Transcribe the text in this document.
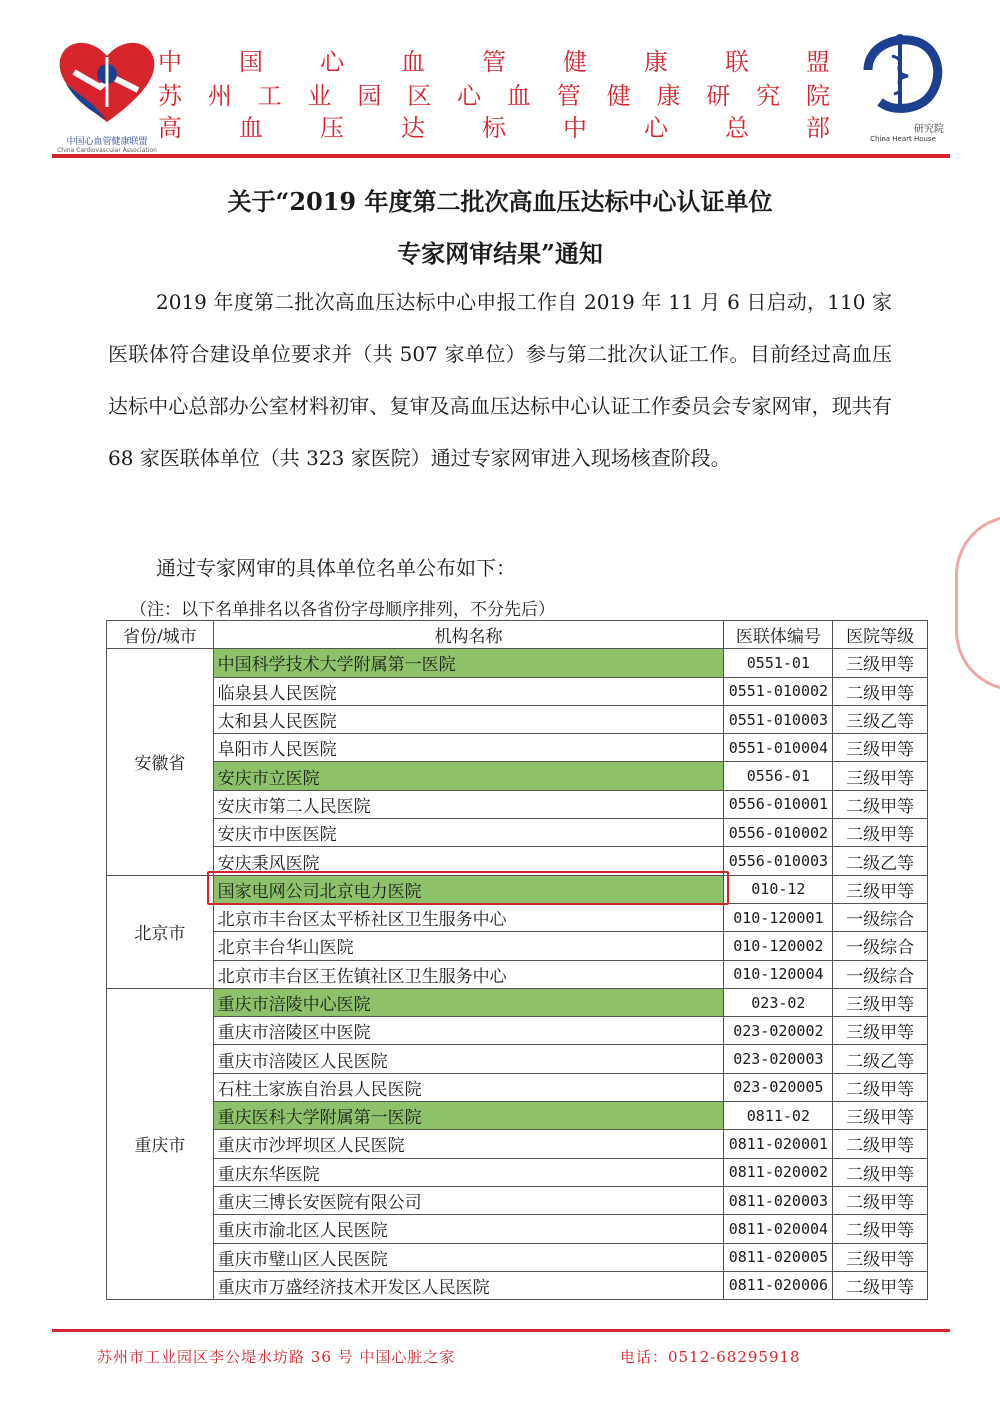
中国心血管健康联盟
China Cardiovascular Association
研究院
China Heart House
中 国 心 血 管 健 康 联 盟
苏 州 工 业 园 区 心 血 管 健 康 研 究 院
高 血 压 达 标 中 心 总 部
关于“2019 年度第二批次高血压达标中心认证单位
专家网审结果”通知
2019 年度第二批次高血压达标中心申报工作自 2019 年 11 月 6 日启动，110 家医联体符合建设单位要求并（共 507 家单位）参与第二批次认证工作。目前经过高血压达标中心总部办公室材料初审、复审及高血压达标中心认证工作委员会专家网审，现共有 68 家医联体单位（共 323 家医院）通过专家网审进入现场核查阶段。
通过专家网审的具体单位名单公布如下：
（注：以下名单排名以各省份字母顺序排列，不分先后）
省份/城市	机构名称	医联体编号	医院等级
安徽省	中国科学技术大学附属第一医院	0551-01	三级甲等
	临泉县人民医院	0551-010002	二级甲等
	太和县人民医院	0551-010003	三级乙等
	阜阳市人民医院	0551-010004	三级甲等
	安庆市立医院	0556-01	三级甲等
	安庆市第二人民医院	0556-010001	二级甲等
	安庆市中医医院	0556-010002	二级甲等
	安庆秉风医院	0556-010003	二级乙等
北京市	国家电网公司北京电力医院	010-12	三级甲等
	北京市丰台区太平桥社区卫生服务中心	010-120001	一级综合
	北京丰台华山医院	010-120002	一级综合
	北京市丰台区王佐镇社区卫生服务中心	010-120004	一级综合
重庆市	重庆市涪陵中心医院	023-02	三级甲等
	重庆市涪陵区中医院	023-020002	三级甲等
	重庆市涪陵区人民医院	023-020003	二级乙等
	石柱土家族自治县人民医院	023-020005	二级甲等
	重庆医科大学附属第一医院	0811-02	三级甲等
	重庆市沙坪坝区人民医院	0811-020001	二级甲等
	重庆东华医院	0811-020002	二级甲等
	重庆三博长安医院有限公司	0811-020003	二级甲等
	重庆市渝北区人民医院	0811-020004	二级甲等
	重庆市璧山区人民医院	0811-020005	三级甲等
	重庆市万盛经济技术开发区人民医院	0811-020006	二级甲等
苏州市工业园区李公堤水坊路 36 号 中国心脏之家	电话：0512-68295918
